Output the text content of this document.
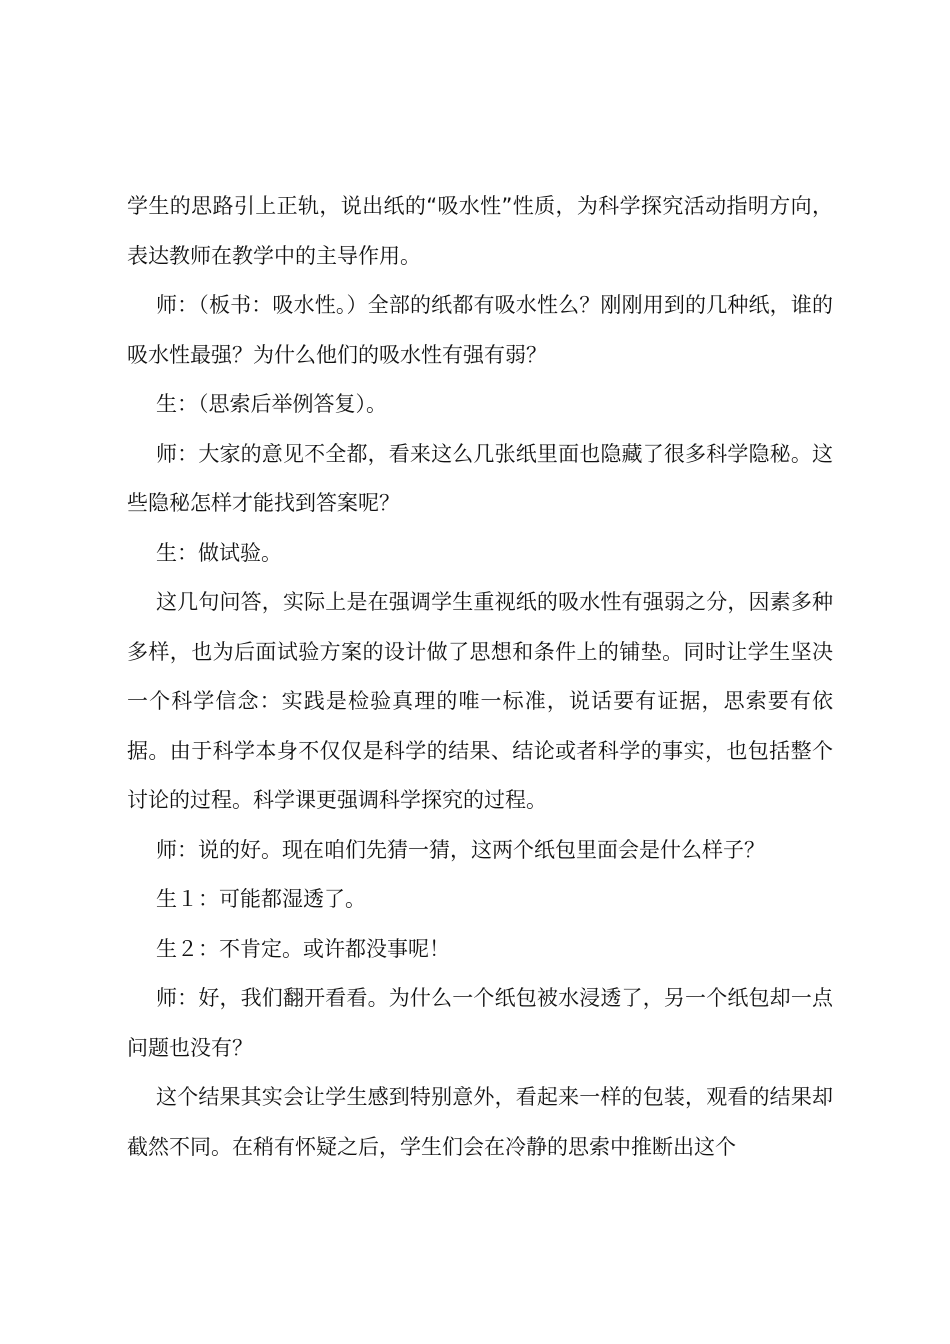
学生的思路引上正轨，说出纸的“吸水性”性质，为科学探究活动指明方向，表达教师在教学中的主导作用。

师：（板书：吸水性。）全部的纸都有吸水性么？刚刚用到的几种纸，谁的吸水性最强？为什么他们的吸水性有强有弱？

生：（思索后举例答复）。

师：大家的意见不全都，看来这么几张纸里面也隐藏了很多科学隐秘。这些隐秘怎样才能找到答案呢？

生：做试验。

这几句问答，实际上是在强调学生重视纸的吸水性有强弱之分，因素多种多样，也为后面试验方案的设计做了思想和条件上的铺垫。同时让学生坚决一个科学信念：实践是检验真理的唯一标准，说话要有证据，思索要有依据。由于科学本身不仅仅是科学的结果、结论或者科学的事实，也包括整个讨论的过程。科学课更强调科学探究的过程。

师：说的好。现在咱们先猜一猜，这两个纸包里面会是什么样子？

生１：可能都湿透了。

生２：不肯定。或许都没事呢！

师：好，我们翻开看看。为什么一个纸包被水浸透了，另一个纸包却一点问题也没有？

这个结果其实会让学生感到特别意外，看起来一样的包装，观看的结果却截然不同。在稍有怀疑之后，学生们会在冷静的思索中推断出这个
